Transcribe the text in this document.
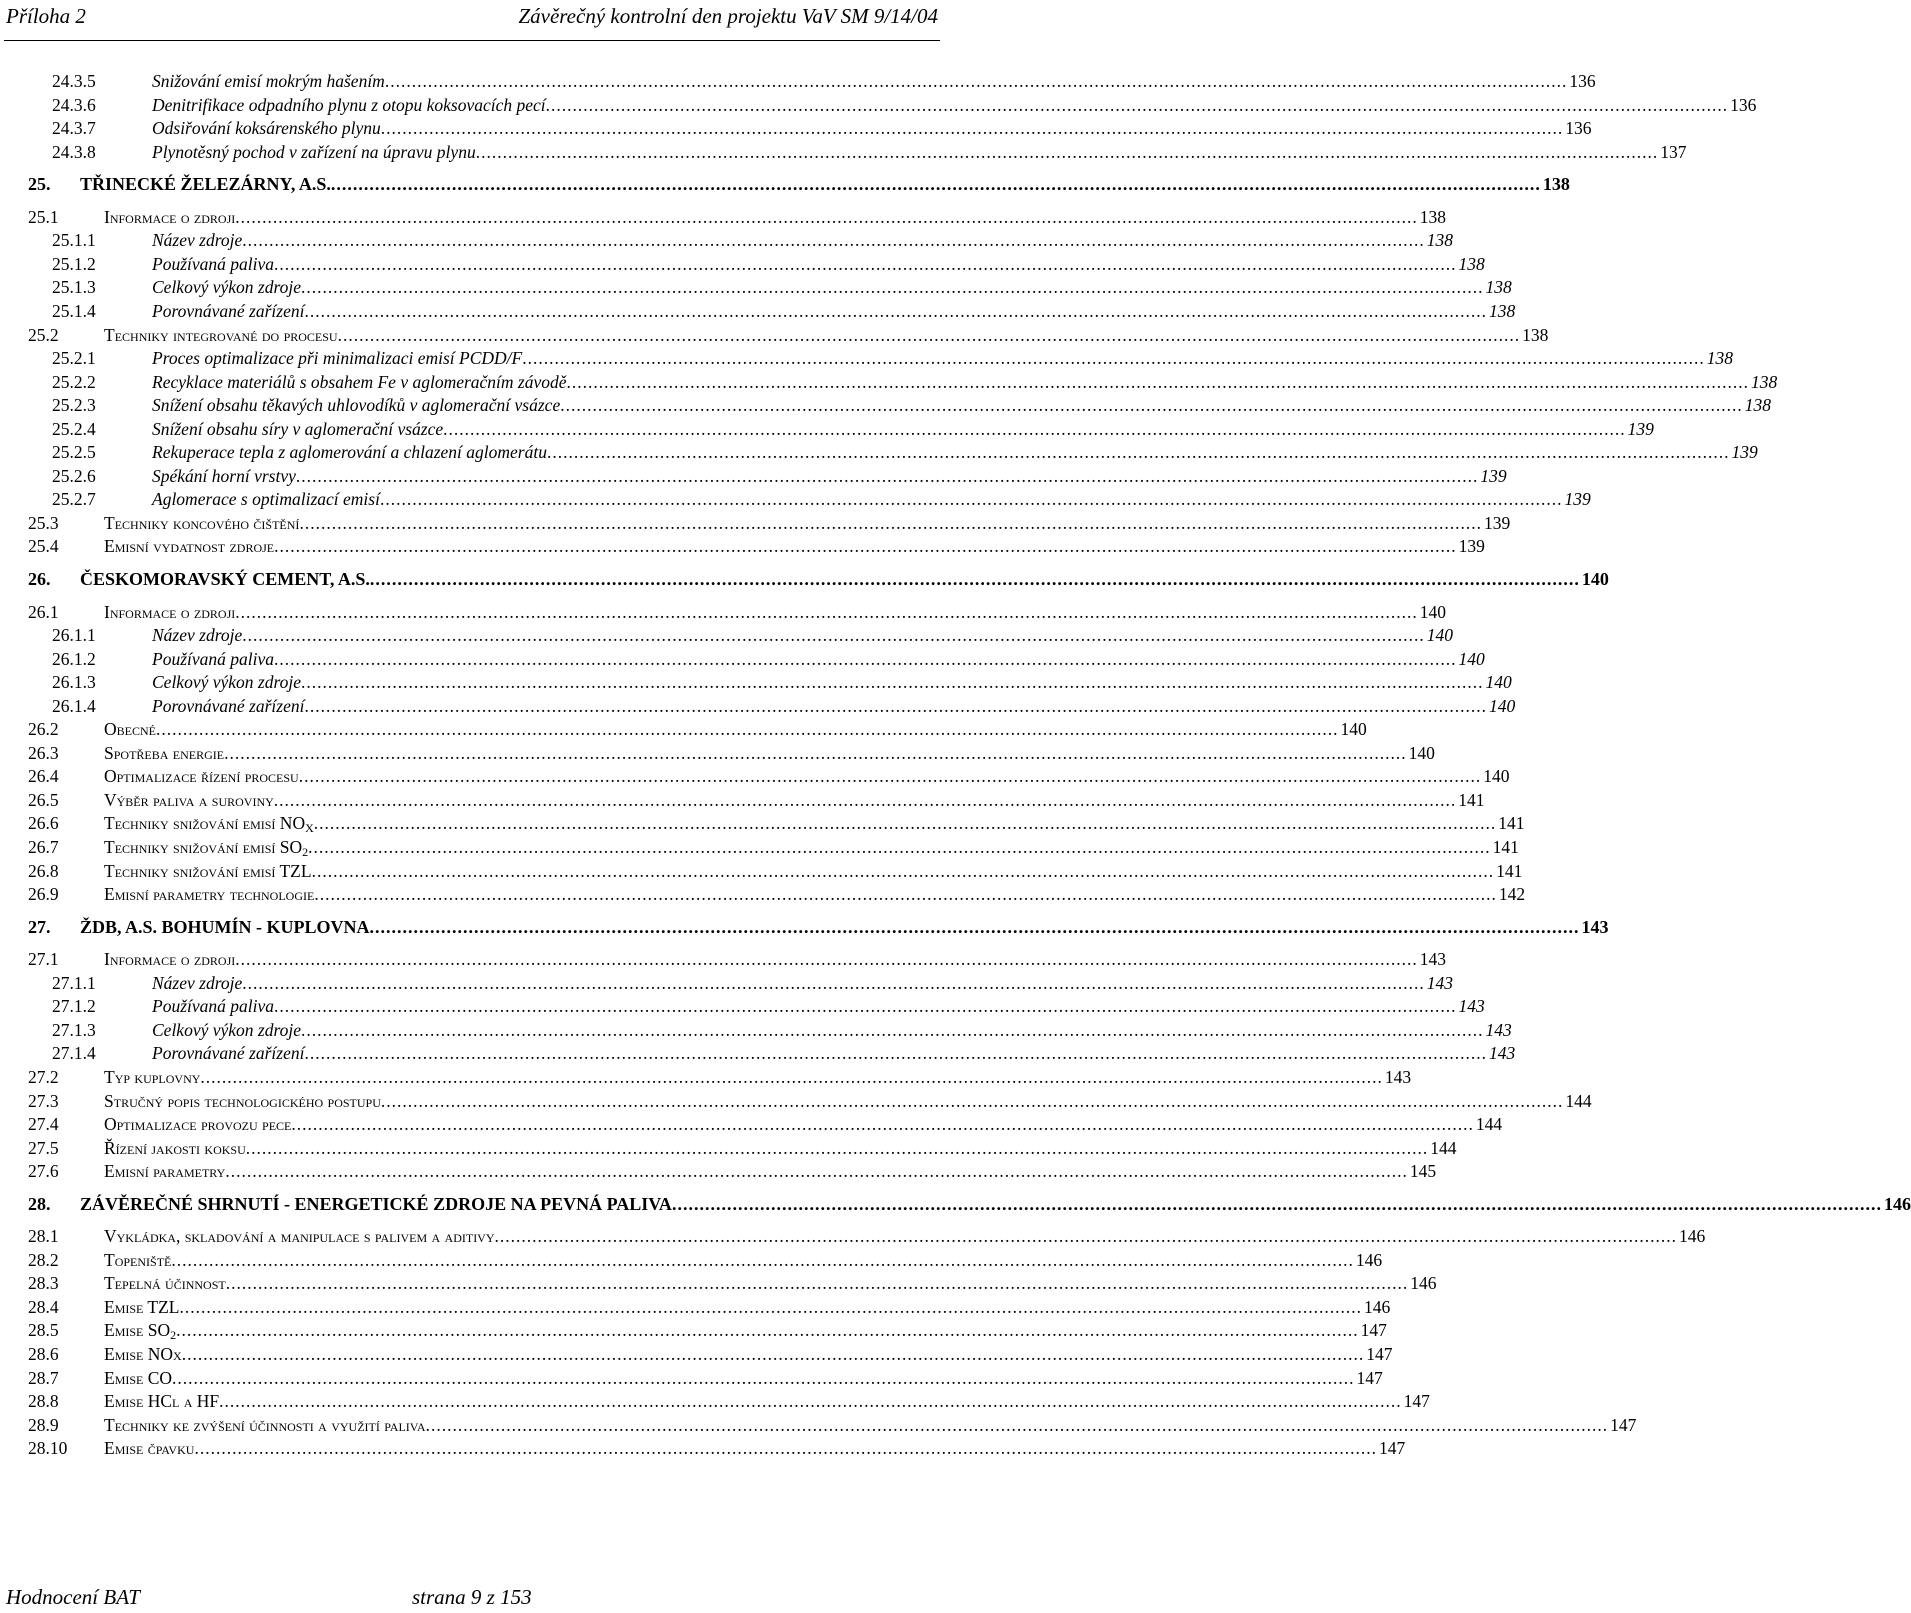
Příloha 2	Závěrečný kontrolní den projektu VaV SM 9/14/04
24.3.5	Snižování emisí mokrým hašením ............................................................................................................................................................................................................................ 136
24.3.6	Denitrifikace odpadního plynu z otopu koksovacích pecí ............................................................................................................................................................................................................................ 136
24.3.7	Odsiřování koksárenského plynu ............................................................................................................................................................................................................................ 136
24.3.8	Plynotěsný pochod v zařízení na úpravu plynu ............................................................................................................................................................................................................................ 137
25.	TŘINECKÉ ŽELEZÁRNY, A.S. ............................................................................................................................................................................................................................ 138
25.1	Informace o zdroji ............................................................................................................................................................................................................................ 138
25.1.1	Název zdroje ............................................................................................................................................................................................................................ 138
25.1.2	Používaná paliva ............................................................................................................................................................................................................................ 138
25.1.3	Celkový výkon zdroje ............................................................................................................................................................................................................................ 138
25.1.4	Porovnávané zařízení ............................................................................................................................................................................................................................ 138
25.2	Techniky integrované do procesu ............................................................................................................................................................................................................................ 138
25.2.1	Proces optimalizace při minimalizaci emisí PCDD/F ............................................................................................................................................................................................................................ 138
25.2.2	Recyklace materiálů s obsahem Fe v aglomeračním závodě ............................................................................................................................................................................................................................ 138
25.2.3	Snížení obsahu těkavých uhlovodíků v aglomerační vsázce ............................................................................................................................................................................................................................ 138
25.2.4	Snížení obsahu síry v aglomerační vsázce ............................................................................................................................................................................................................................ 139
25.2.5	Rekuperace tepla z aglomerování a chlazení aglomerátu ............................................................................................................................................................................................................................ 139
25.2.6	Spékání horní vrstvy ............................................................................................................................................................................................................................ 139
25.2.7	Aglomerace s optimalizací emisí ............................................................................................................................................................................................................................ 139
25.3	Techniky koncového čištění ............................................................................................................................................................................................................................ 139
25.4	Emisní vydatnost zdroje ............................................................................................................................................................................................................................ 139
26.	ČESKOMORAVSKÝ CEMENT, A.S. ............................................................................................................................................................................................................................ 140
26.1	Informace o zdroji ............................................................................................................................................................................................................................ 140
26.1.1	Název zdroje ............................................................................................................................................................................................................................ 140
26.1.2	Používaná paliva ............................................................................................................................................................................................................................ 140
26.1.3	Celkový výkon zdroje ............................................................................................................................................................................................................................ 140
26.1.4	Porovnávané zařízení ............................................................................................................................................................................................................................ 140
26.2	Obecné ............................................................................................................................................................................................................................ 140
26.3	Spotřeba energie ............................................................................................................................................................................................................................ 140
26.4	Optimalizace řízení procesu ............................................................................................................................................................................................................................ 140
26.5	Výběr paliva a suroviny ............................................................................................................................................................................................................................ 141
26.6	Techniky snižování emisí $NO_X$ ............................................................................................................................................................................................................................ 141
26.7	Techniky snižování emisí $SO_2$ ............................................................................................................................................................................................................................ 141
26.8	Techniky snižování emisí TZL ............................................................................................................................................................................................................................ 141
26.9	Emisní parametry technologie ............................................................................................................................................................................................................................ 142
27.	ŽDB, A.S. BOHUMÍN - KUPLOVNA ............................................................................................................................................................................................................................ 143
27.1	Informace o zdroji ............................................................................................................................................................................................................................ 143
27.1.1	Název zdroje ............................................................................................................................................................................................................................ 143
27.1.2	Používaná paliva ............................................................................................................................................................................................................................ 143
27.1.3	Celkový výkon zdroje ............................................................................................................................................................................................................................ 143
27.1.4	Porovnávané zařízení ............................................................................................................................................................................................................................ 143
27.2	Typ kuplovny ............................................................................................................................................................................................................................ 143
27.3	Stručný popis technologického postupu ............................................................................................................................................................................................................................ 144
27.4	Optimalizace provozu pece ............................................................................................................................................................................................................................ 144
27.5	Řízení jakosti koksu ............................................................................................................................................................................................................................ 144
27.6	Emisní parametry ............................................................................................................................................................................................................................ 145
28.	ZÁVĚREČNÉ SHRNUTÍ - ENERGETICKÉ ZDROJE NA PEVNÁ PALIVA ............................................................................................................................................................................................................................ 146
28.1	Vykládka, skladování a manipulace s palivem a aditivy ............................................................................................................................................................................................................................ 146
28.2	Topeniště ............................................................................................................................................................................................................................ 146
28.3	Tepelná účinnost ............................................................................................................................................................................................................................ 146
28.4	Emise TZL ............................................................................................................................................................................................................................ 146
28.5	Emise $SO_2$ ............................................................................................................................................................................................................................ 147
28.6	Emise NOx ............................................................................................................................................................................................................................ 147
28.7	Emise CO ............................................................................................................................................................................................................................ 147
28.8	Emise HCl a HF ............................................................................................................................................................................................................................ 147
28.9	Techniky ke zvýšení účinnosti a využití paliva ............................................................................................................................................................................................................................ 147
28.10	Emise čpavku ............................................................................................................................................................................................................................ 147
Hodnocení BAT	strana 9 z 153
